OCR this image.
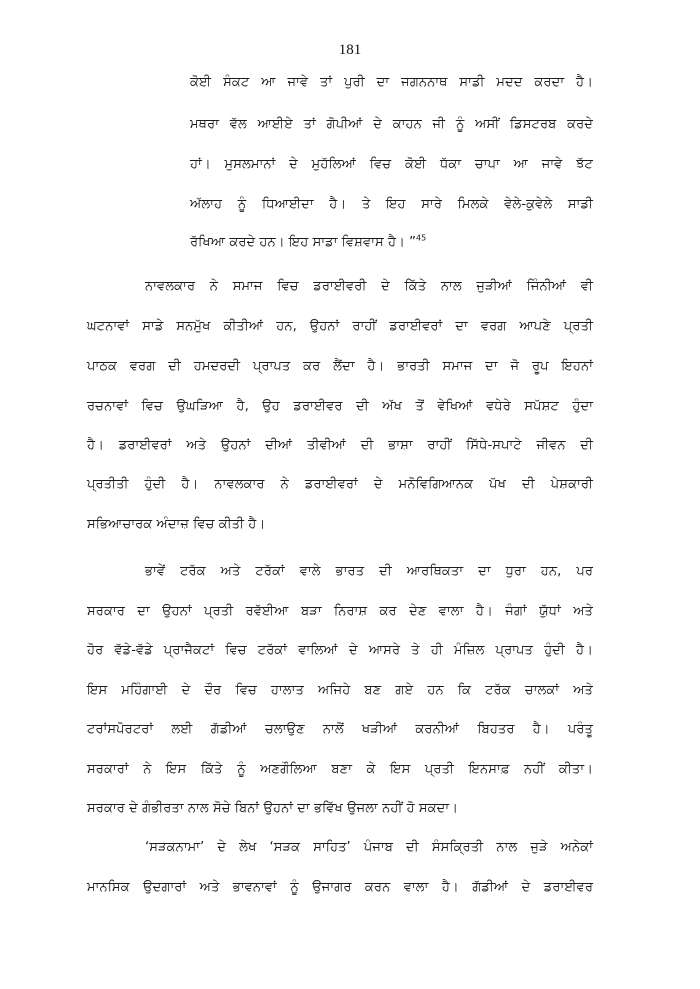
181
ਕੋਈ ਸੰਕਟ ਆ ਜਾਵੇ ਤਾਂ ਪੁਰੀ ਦਾ ਜਗਨਨਾਥ ਸਾਡੀ ਮਦਦ ਕਰਦਾ ਹੈ।
ਮਥਰਾ ਵੱਲ ਆਈਏ ਤਾਂ ਗੋਪੀਆਂ ਦੇ ਕਾਹਨ ਜੀ ਨੂੰ ਅਸੀਂ ਡਿਸਟਰਬ ਕਰਦੇ
ਹਾਂ। ਮੁਸਲਮਾਨਾਂ ਦੇ ਮੁਹੱਲਿਆਂ ਵਿਚ ਕੋਈ ਧੱਕਾ ਚਾਪਾ ਆ ਜਾਵੇ ਝੱਟ
ਅੱਲਾਹ ਨੂੰ ਧਿਆਈਦਾ ਹੈ। ਤੇ ਇਹ ਸਾਰੇ ਮਿਲਕੇ ਵੇਲੇ-ਕੁਵੇਲੇ ਸਾਡੀ
ਰੱਖਿਆ ਕਰਦੇ ਹਨ। ਇਹ ਸਾਡਾ ਵਿਸ਼ਵਾਸ ਹੈ। ”$^{45}$
ਨਾਵਲਕਾਰ ਨੇ ਸਮਾਜ ਵਿਚ ਡਰਾਈਵਰੀ ਦੇ ਕਿੱਤੇ ਨਾਲ ਜੁੜੀਆਂ ਜਿੰਨੀਆਂ ਵੀ
ਘਟਨਾਵਾਂ ਸਾਡੇ ਸਨਮੁੱਖ ਕੀਤੀਆਂ ਹਨ, ਉਹਨਾਂ ਰਾਹੀਂ ਡਰਾਈਵਰਾਂ ਦਾ ਵਰਗ ਆਪਣੇ ਪ੍ਰਤੀ
ਪਾਠਕ ਵਰਗ ਦੀ ਹਮਦਰਦੀ ਪ੍ਰਾਪਤ ਕਰ ਲੈਂਦਾ ਹੈ। ਭਾਰਤੀ ਸਮਾਜ ਦਾ ਜੋ ਰੂਪ ਇਹਨਾਂ
ਰਚਨਾਵਾਂ ਵਿਚ ਉਘੜਿਆ ਹੈ, ਉਹ ਡਰਾਈਵਰ ਦੀ ਅੱਖ ਤੋਂ ਵੇਖਿਆਂ ਵਧੇਰੇ ਸਪੱਸ਼ਟ ਹੁੰਦਾ
ਹੈ। ਡਰਾਈਵਰਾਂ ਅਤੇ ਉਹਨਾਂ ਦੀਆਂ ਤੀਵੀਆਂ ਦੀ ਭਾਸ਼ਾ ਰਾਹੀਂ ਸਿੱਧੇ-ਸਪਾਟੇ ਜੀਵਨ ਦੀ
ਪ੍ਰਤੀਤੀ ਹੁੰਦੀ ਹੈ। ਨਾਵਲਕਾਰ ਨੇ ਡਰਾਈਵਰਾਂ ਦੇ ਮਨੋਵਿਗਿਆਨਕ ਪੱਖ ਦੀ ਪੇਸ਼ਕਾਰੀ
ਸਭਿਆਚਾਰਕ ਅੰਦਾਜ਼ ਵਿਚ ਕੀਤੀ ਹੈ।
ਭਾਵੇਂ ਟਰੱਕ ਅਤੇ ਟਰੱਕਾਂ ਵਾਲੇ ਭਾਰਤ ਦੀ ਆਰਥਿਕਤਾ ਦਾ ਧੁਰਾ ਹਨ, ਪਰ
ਸਰਕਾਰ ਦਾ ਉਹਨਾਂ ਪ੍ਰਤੀ ਰਵੱਈਆ ਬੜਾ ਨਿਰਾਸ਼ ਕਰ ਦੇਣ ਵਾਲਾ ਹੈ। ਜੰਗਾਂ ਯੁੱਧਾਂ ਅਤੇ
ਹੋਰ ਵੱਡੇ-ਵੱਡੇ ਪ੍ਰਾਜੈਕਟਾਂ ਵਿਚ ਟਰੱਕਾਂ ਵਾਲਿਆਂ ਦੇ ਆਸਰੇ ਤੇ ਹੀ ਮੰਜ਼ਿਲ ਪ੍ਰਾਪਤ ਹੁੰਦੀ ਹੈ।
ਇਸ ਮਹਿੰਗਾਈ ਦੇ ਦੌਰ ਵਿਚ ਹਾਲਾਤ ਅਜਿਹੇ ਬਣ ਗਏ ਹਨ ਕਿ ਟਰੱਕ ਚਾਲਕਾਂ ਅਤੇ
ਟਰਾਂਸਪੋਰਟਰਾਂ ਲਈ ਗੱਡੀਆਂ ਚਲਾਉਣ ਨਾਲੋਂ ਖੜੀਆਂ ਕਰਨੀਆਂ ਬਿਹਤਰ ਹੈ। ਪਰੰਤੂ
ਸਰਕਾਰਾਂ ਨੇ ਇਸ ਕਿੱਤੇ ਨੂੰ ਅਣਗੌਲਿਆ ਬਣਾ ਕੇ ਇਸ ਪ੍ਰਤੀ ਇਨਸਾਫ਼ ਨਹੀਂ ਕੀਤਾ।
ਸਰਕਾਰ ਦੇ ਗੰਭੀਰਤਾ ਨਾਲ ਸੋਚੇ ਬਿਨਾਂ ਉਹਨਾਂ ਦਾ ਭਵਿੱਖ ਉਜਲਾ ਨਹੀਂ ਹੋ ਸਕਦਾ।
‘ਸੜਕਨਾਮਾ’ ਦੇ ਲੇਖ ‘ਸੜਕ ਸਾਹਿਤ’ ਪੰਜਾਬ ਦੀ ਸੰਸਕ੍ਰਿਤੀ ਨਾਲ ਜੁੜੇ ਅਨੇਕਾਂ
ਮਾਨਸਿਕ ਉਦਗਾਰਾਂ ਅਤੇ ਭਾਵਨਾਵਾਂ ਨੂੰ ਉਜਾਗਰ ਕਰਨ ਵਾਲਾ ਹੈ। ਗੱਡੀਆਂ ਦੇ ਡਰਾਈਵਰ
